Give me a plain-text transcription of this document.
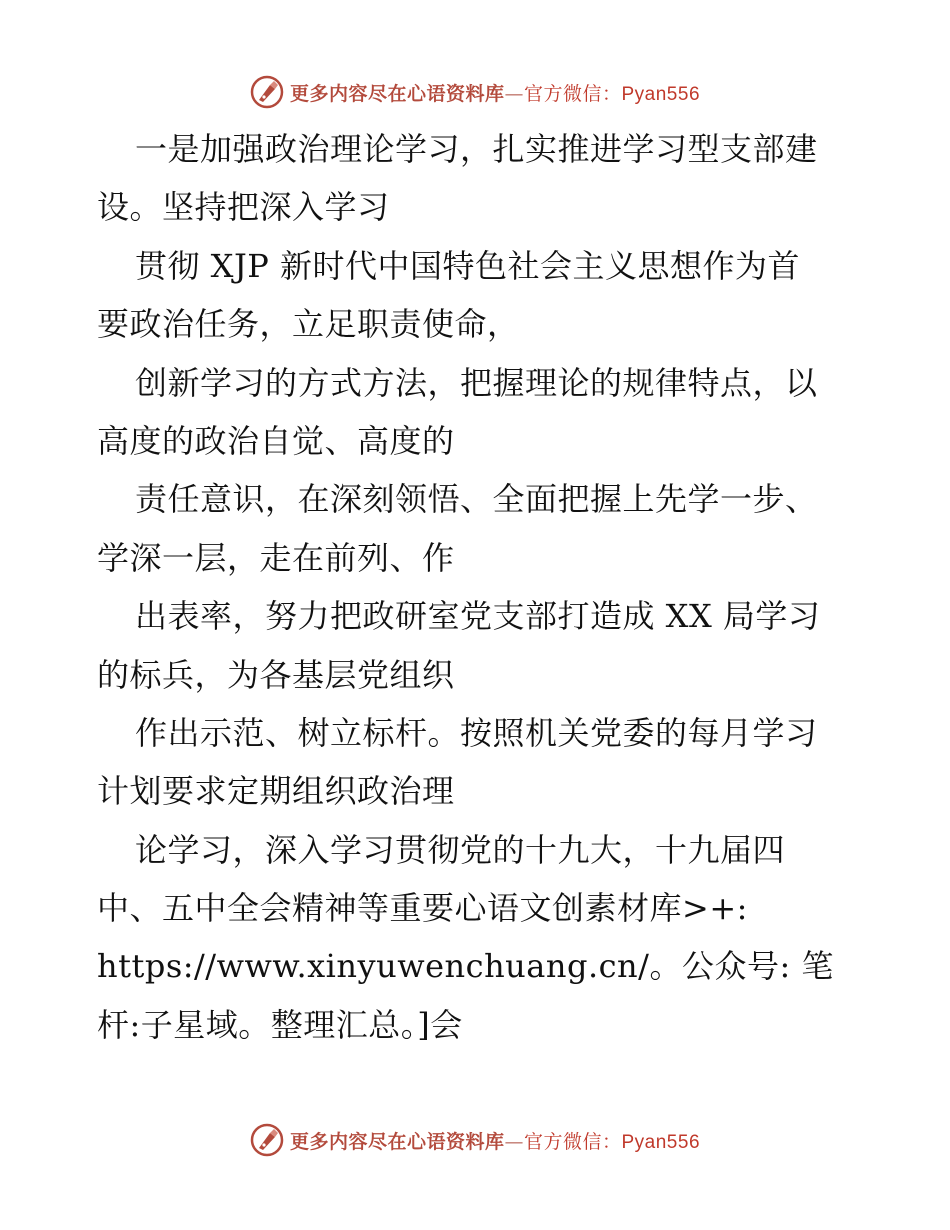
更多内容尽在心语资料库—官方微信：Pyan556
一是加强政治理论学习，扎实推进学习型支部建
设。坚持把深入学习
贯彻 XJP 新时代中国特色社会主义思想作为首
要政治任务，立足职责使命，
创新学习的方式方法，把握理论的规律特点，以
高度的政治自觉、高度的
责任意识，在深刻领悟、全面把握上先学一步、
学深一层，走在前列、作
出表率，努力把政研室党支部打造成 XX 局学习
的标兵，为各基层党组织
作出示范、树立标杆。按照机关党委的每月学习
计划要求定期组织政治理
论学习，深入学习贯彻党的十九大，十九届四
中、五中全会精神等重要心语文创素材库>+:
https://www.xinyuwenchuang.cn/。公众号: 笔
杆:子星域。整理汇总。]会
更多内容尽在心语资料库—官方微信：Pyan556
